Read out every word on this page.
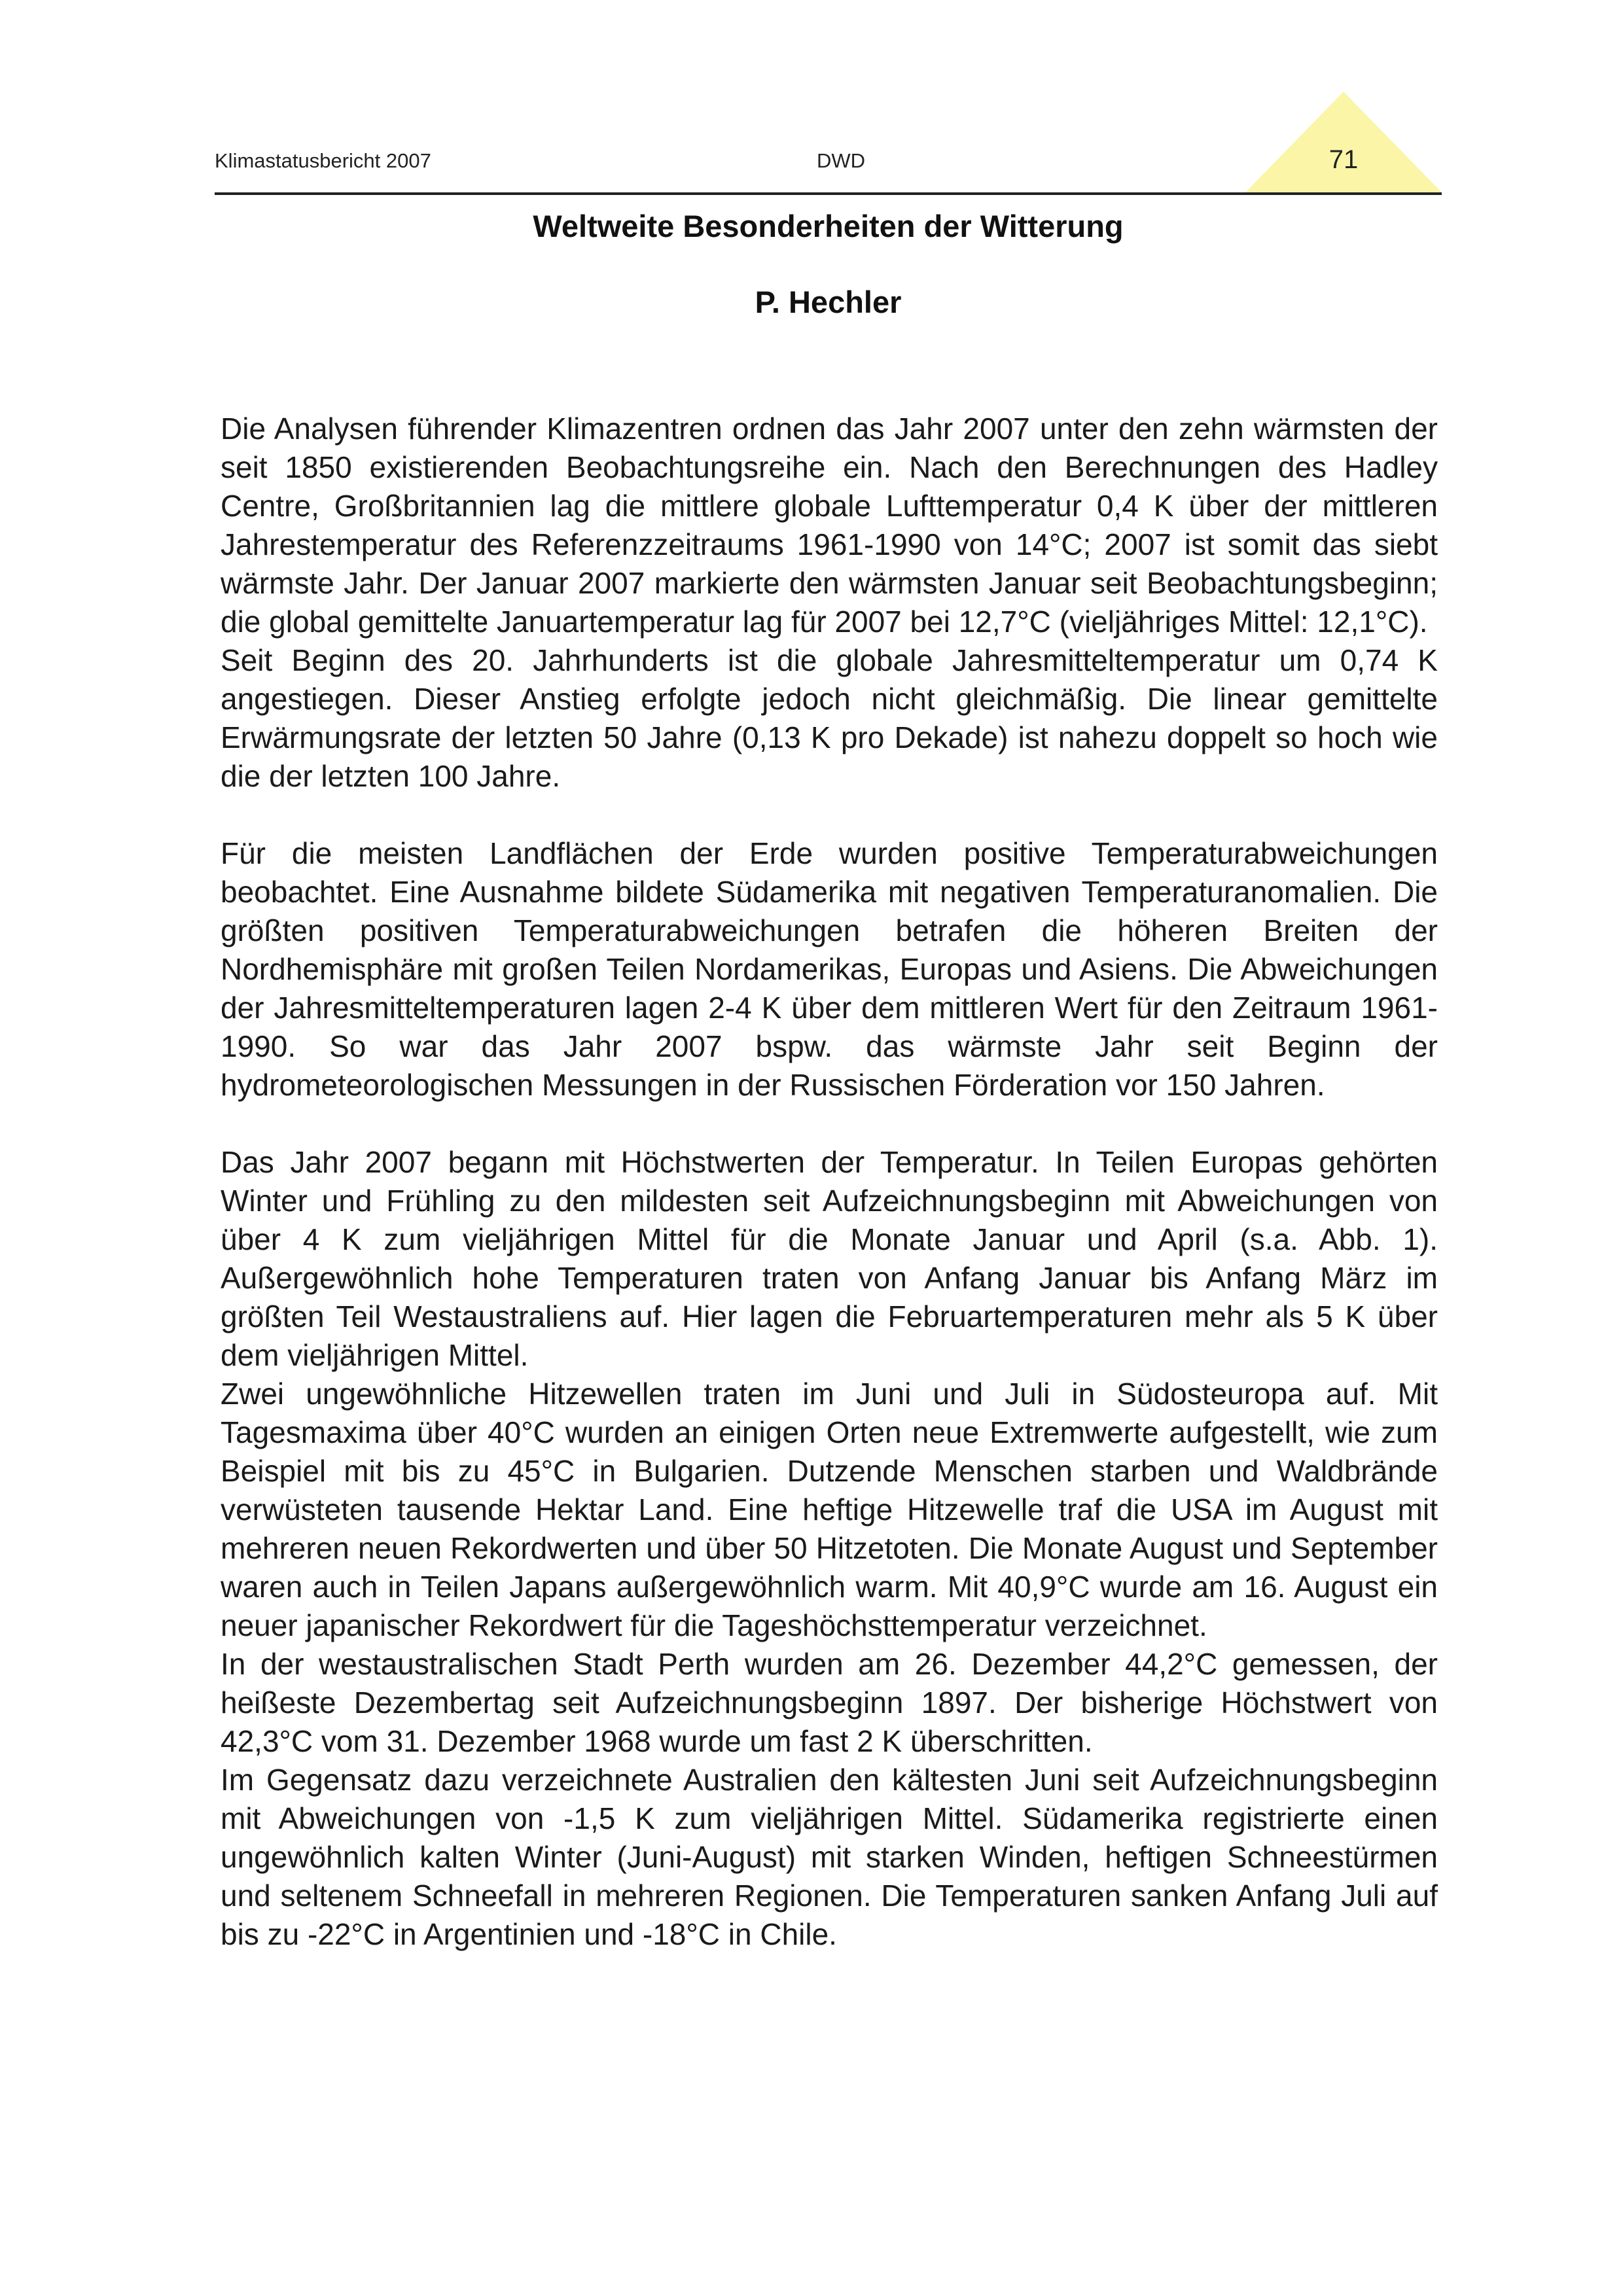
Klimastatusbericht 2007	DWD	71
Weltweite Besonderheiten der Witterung
P. Hechler

Die Analysen führender Klimazentren ordnen das Jahr 2007 unter den zehn wärmsten der seit 1850 existierenden Beobachtungsreihe ein. Nach den Berechnungen des Hadley Centre, Großbritannien lag die mittlere globale Lufttemperatur 0,4 K über der mittleren Jahrestemperatur des Referenzzeitraums 1961-1990 von 14°C; 2007 ist somit das siebt wärmste Jahr. Der Januar 2007 markierte den wärmsten Januar seit Beobachtungsbeginn; die global gemittelte Januartemperatur lag für 2007 bei 12,7°C (vieljähriges Mittel: 12,1°C).

Seit Beginn des 20. Jahrhunderts ist die globale Jahresmitteltemperatur um 0,74 K angestiegen. Dieser Anstieg erfolgte jedoch nicht gleichmäßig. Die linear gemittelte Erwärmungsrate der letzten 50 Jahre (0,13 K pro Dekade) ist nahezu doppelt so hoch wie die der letzten 100 Jahre.

Für die meisten Landflächen der Erde wurden positive Temperaturabweichungen beobachtet. Eine Ausnahme bildete Südamerika mit negativen Temperaturanomalien. Die größten positiven Temperaturabweichungen betrafen die höheren Breiten der Nordhemisphäre mit großen Teilen Nordamerikas, Europas und Asiens. Die Abweichungen der Jahresmitteltemperaturen lagen 2-4 K über dem mittleren Wert für den Zeitraum 1961-1990. So war das Jahr 2007 bspw. das wärmste Jahr seit Beginn der hydrometeorologischen Messungen in der Russischen Förderation vor 150 Jahren.

Das Jahr 2007 begann mit Höchstwerten der Temperatur. In Teilen Europas gehörten Winter und Frühling zu den mildesten seit Aufzeichnungsbeginn mit Abweichungen von über 4 K zum vieljährigen Mittel für die Monate Januar und April (s.a. Abb. 1). Außergewöhnlich hohe Temperaturen traten von Anfang Januar bis Anfang März im größten Teil Westaustraliens auf. Hier lagen die Februartemperaturen mehr als 5 K über dem vieljährigen Mittel.

Zwei ungewöhnliche Hitzewellen traten im Juni und Juli in Südosteuropa auf. Mit Tagesmaxima über 40°C wurden an einigen Orten neue Extremwerte aufgestellt, wie zum Beispiel mit bis zu 45°C in Bulgarien. Dutzende Menschen starben und Waldbrände verwüsteten tausende Hektar Land. Eine heftige Hitzewelle traf die USA im August mit mehreren neuen Rekordwerten und über 50 Hitzetoten. Die Monate August und September waren auch in Teilen Japans außergewöhnlich warm. Mit 40,9°C wurde am 16. August ein neuer japanischer Rekordwert für die Tageshöchsttemperatur verzeichnet.

In der westaustralischen Stadt Perth wurden am 26. Dezember 44,2°C gemessen, der heißeste Dezembertag seit Aufzeichnungsbeginn 1897. Der bisherige Höchstwert von 42,3°C vom 31. Dezember 1968 wurde um fast 2 K überschritten.

Im Gegensatz dazu verzeichnete Australien den kältesten Juni seit Aufzeichnungsbeginn mit Abweichungen von -1,5 K zum vieljährigen Mittel. Südamerika registrierte einen ungewöhnlich kalten Winter (Juni-August) mit starken Winden, heftigen Schneestürmen und seltenem Schneefall in mehreren Regionen. Die Temperaturen sanken Anfang Juli auf bis zu -22°C in Argentinien und -18°C in Chile.
